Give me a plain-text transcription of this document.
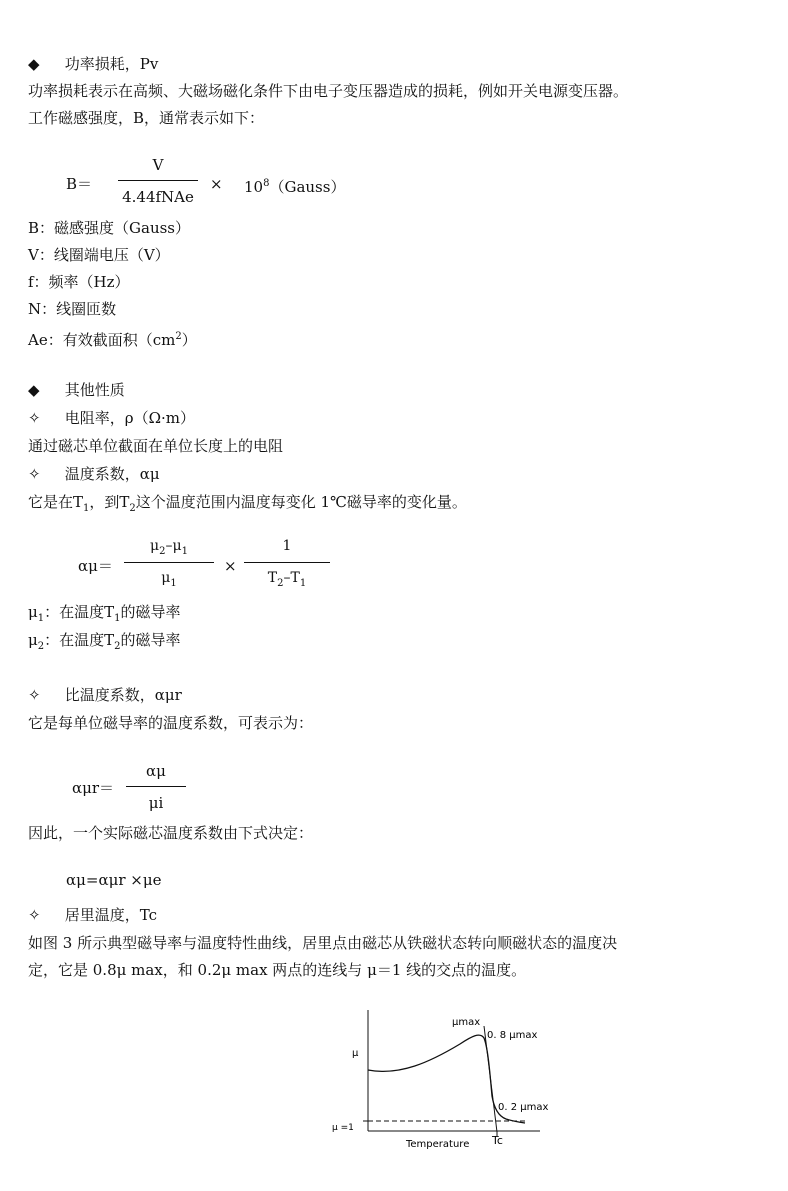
◆ 功率损耗，Pv
功率损耗表示在高频、大磁场磁化条件下由电子变压器造成的损耗，例如开关电源变压器。
工作磁感强度，B，通常表示如下：
B＝
V
4.44fNAe
× $10^8(Gauss)$
B：磁感强度（Gauss）
V：线圈端电压（V）
f：频率（Hz）
N：线圈匝数
Ae：有效截面积$(cm^2)$
◆ 其他性质
✧ 电阻率，ρ（Ω·m）
通过磁芯单位截面在单位长度上的电阻
✧ 温度系数，αμ
它是在$T_1$，到$T_2$这个温度范围内温度每变化 1℃磁导率的变化量。
αμ＝
$\mu_2-\mu_1$
$\mu_1$
×
1
$T_2-T_1$
$\mu_1$：在温度$T_1$的磁导率
$\mu_2$：在温度$T_2$的磁导率
✧ 比温度系数，αμr
它是每单位磁导率的温度系数，可表示为：
αμr＝
αμ
μi
因此，一个实际磁芯温度系数由下式决定：
αμ=αμr ×μe
✧ 居里温度，Tc
如图 3 所示典型磁导率与温度特性曲线，居里点由磁芯从铁磁状态转向顺磁状态的温度决
定，它是 0.8μ max，和 0.2μ max 两点的连线与 μ＝1 线的交点的温度。
μ
μmax
0. 8 μmax
0. 2 μmax
μ =1
Temperature Tc
